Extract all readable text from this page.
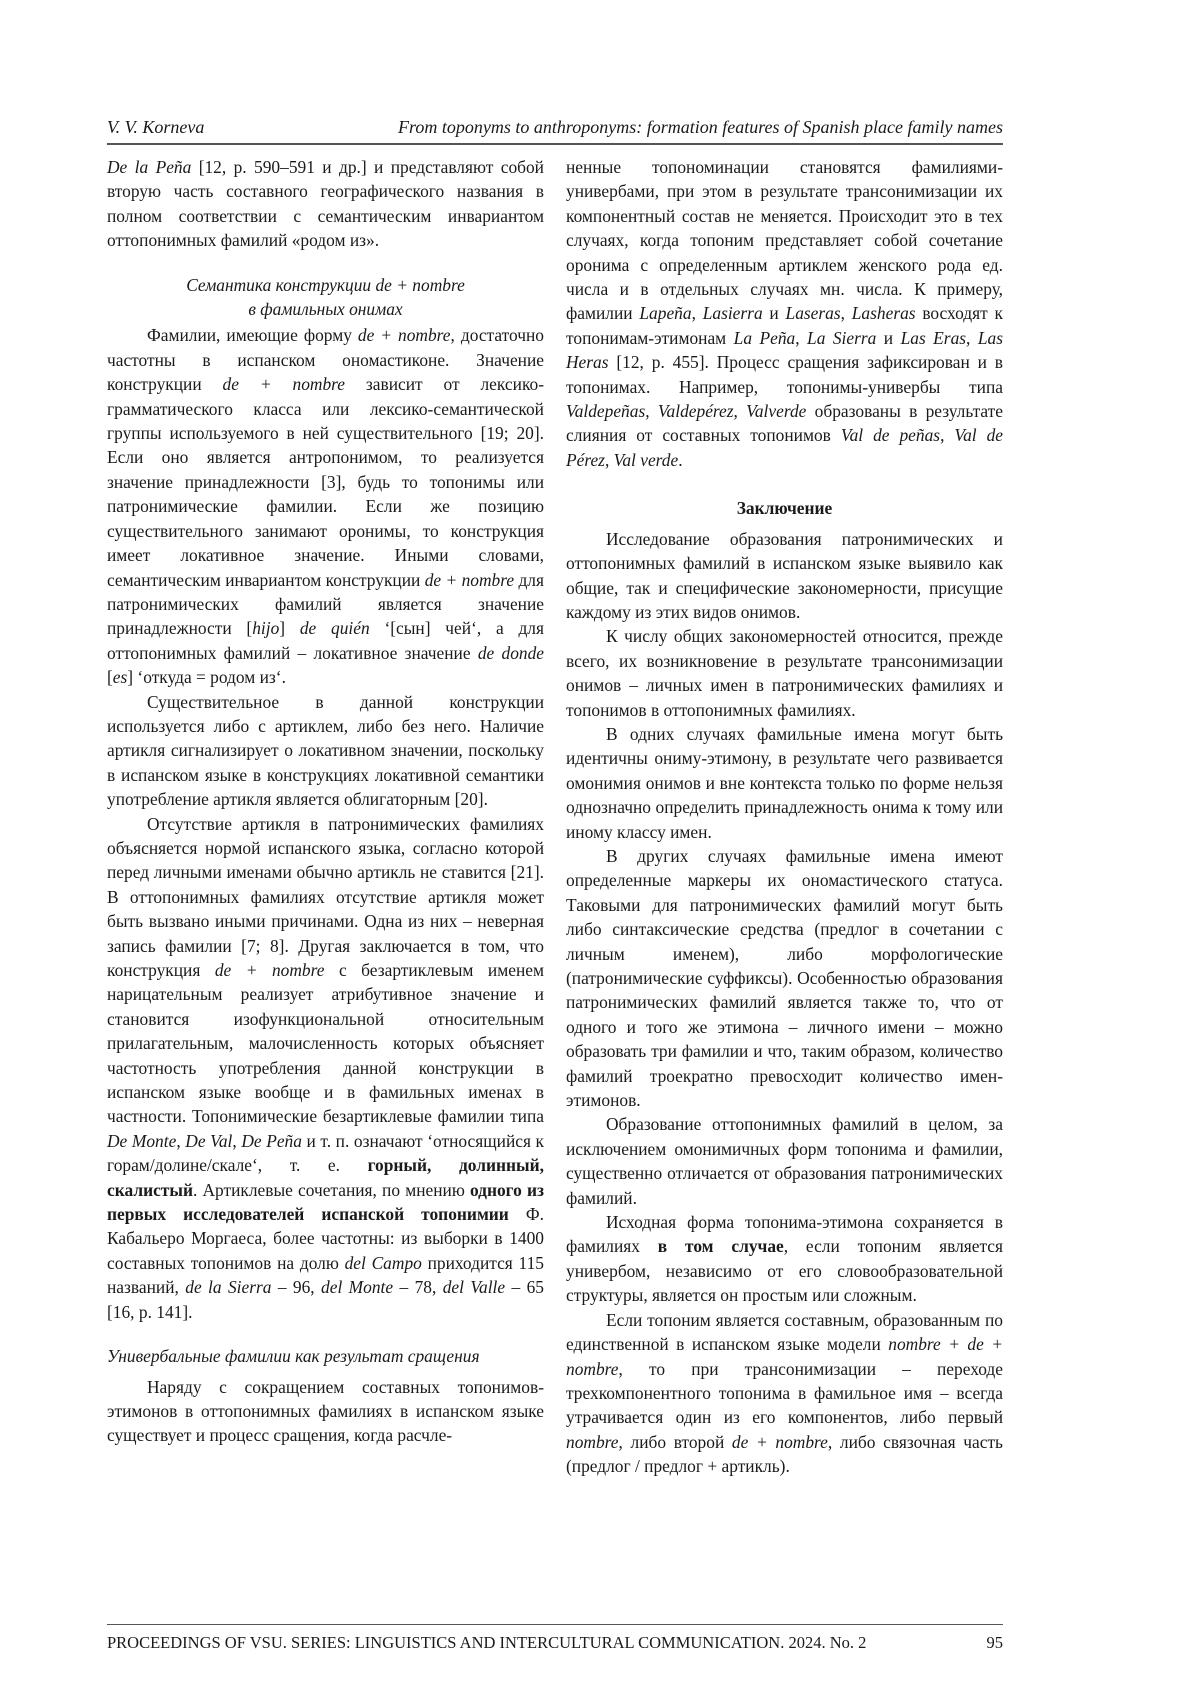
V. V. Korneva	From toponyms to anthroponyms: formation features of Spanish place family names

De la Peña [12, p. 590–591 и др.] и представляют собой вторую часть составного географического названия в полном соответствии с семантическим инвариантом оттопонимных фамилий «родом из».

Семантика конструкции de + nombre
в фамильных онимах

Фамилии, имеющие форму de + nombre, достаточно частотны в испанском ономастиконе. Значение конструкции de + nombre зависит от лексико-грамматического класса или лексико-семантической группы используемого в ней существительного [19; 20]. Если оно является антропонимом, то реализуется значение принадлежности [3], будь то топонимы или патронимические фамилии. Если же позицию существительного занимают оронимы, то конструкция имеет локативное значение. Иными словами, семантическим инвариантом конструкции de + nombre для патронимических фамилий является значение принадлежности [hijo] de quién ‘[сын] чей‘, а для оттопонимных фамилий – локативное значение de donde [es] ‘откуда = родом из‘.

Существительное в данной конструкции используется либо с артиклем, либо без него. Наличие артикля сигнализирует о локативном значении, поскольку в испанском языке в конструкциях локативной семантики употребление артикля является облигаторным [20].

Отсутствие артикля в патронимических фамилиях объясняется нормой испанского языка, согласно которой перед личными именами обычно артикль не ставится [21]. В оттопонимных фамилиях отсутствие артикля может быть вызвано иными причинами. Одна из них – неверная запись фамилии [7; 8]. Другая заключается в том, что конструкция de + nombre с безартиклевым именем нарицательным реализует атрибутивное значение и становится изофункциональной относительным прилагательным, малочисленность которых объясняет частотность употребления данной конструкции в испанском языке вообще и в фамильных именах в частности. Топонимические безартиклевые фамилии типа De Monte, De Val, De Peña и т. п. означают ‘относящийся к горам/долине/скале‘, т. е. горный, долинный, скалистый. Артиклевые сочетания, по мнению одного из первых исследователей испанской топонимии Ф. Кабальеро Моргаеса, более частотны: из выборки в 1400 составных топонимов на долю del Campo приходится 115 названий, de la Sierra – 96, del Monte – 78, del Valle – 65 [16, p. 141].

Универбальные фамилии как результат сращения

Наряду с сокращением составных топонимов-этимонов в оттопонимных фамилиях в испанском языке существует и процесс сращения, когда расчле-

ненные топономинации становятся фамилиями-универбами, при этом в результате трансонимизации их компонентный состав не меняется. Происходит это в тех случаях, когда топоним представляет собой сочетание оронима с определенным артиклем женского рода ед. числа и в отдельных случаях мн. числа. К примеру, фамилии Lapeña, Lasierra и Laseras, Lasheras восходят к топонимам-этимонам La Peña, La Sierra и Las Eras, Las Heras [12, p. 455]. Процесс сращения зафиксирован и в топонимах. Например, топонимы-универбы типа Valdepeñas, Valdepérez, Valverde образованы в результате слияния от составных топонимов Val de peñas, Val de Pérez, Val verde.

Заключение

Исследование образования патронимических и оттопонимных фамилий в испанском языке выявило как общие, так и специфические закономерности, присущие каждому из этих видов онимов.

К числу общих закономерностей относится, прежде всего, их возникновение в результате трансонимизации онимов – личных имен в патронимических фамилиях и топонимов в оттопонимных фамилиях.

В одних случаях фамильные имена могут быть идентичны ониму-этимону, в результате чего развивается омонимия онимов и вне контекста только по форме нельзя однозначно определить принадлежность онима к тому или иному классу имен.

В других случаях фамильные имена имеют определенные маркеры их ономастического статуса. Таковыми для патронимических фамилий могут быть либо синтаксические средства (предлог в сочетании с личным именем), либо морфологические (патронимические суффиксы). Особенностью образования патронимических фамилий является также то, что от одного и того же этимона – личного имени – можно образовать три фамилии и что, таким образом, количество фамилий троекратно превосходит количество имен-этимонов.

Образование оттопонимных фамилий в целом, за исключением омонимичных форм топонима и фамилии, существенно отличается от образования патронимических фамилий.

Исходная форма топонима-этимона сохраняется в фамилиях в том случае, если топоним является универбом, независимо от его словообразовательной структуры, является он простым или сложным.

Если топоним является составным, образованным по единственной в испанском языке модели nombre + de + nombre, то при трансонимизации – переходе трехкомпонентного топонима в фамильное имя – всегда утрачивается один из его компонентов, либо первый nombre, либо второй de + nombre, либо связочная часть (предлог / предлог + артикль).

PROCEEDINGS OF VSU. SERIES: LINGUISTICS AND INTERCULTURAL COMMUNICATION. 2024. No. 2	95
